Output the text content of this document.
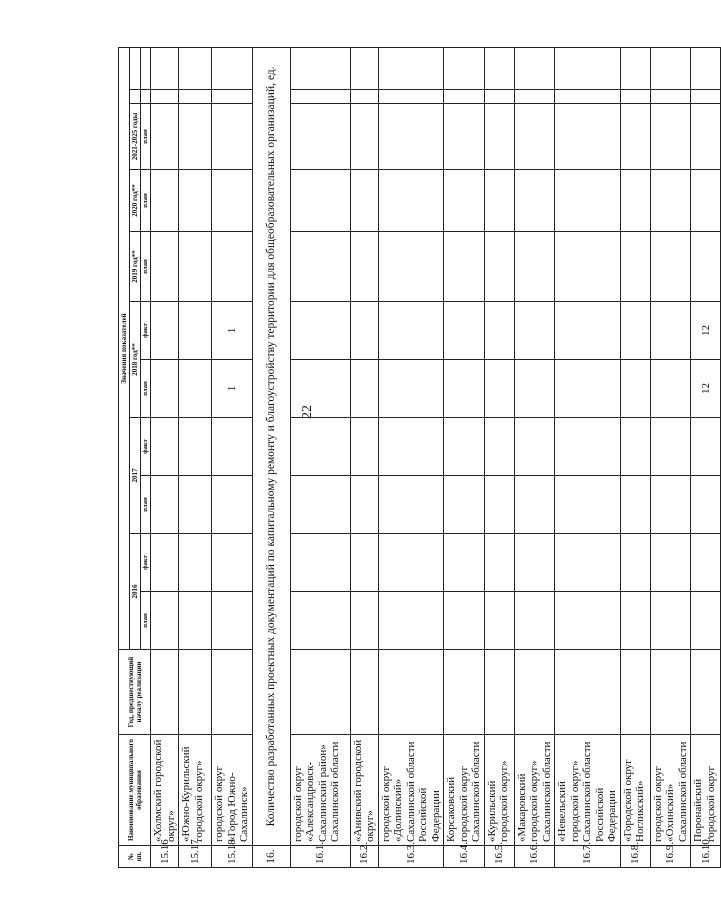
22
№ пп.	Наименование муниципального образования	Год, предшествующий началу реализации	Значения показателей										
			2016		2017		2018 год**		2019 год**	2020 год**	2021-2025 годы		
			план	факт	план	факт	план	факт	план	план	план		
15.16	«Холмский городской округ»												
15.17	«Южно-Курильский городской округ»												
15.18	городской округ «Город Южно-Сахалинск»						1	1					
16.	Количество разработанных проектных документаций по капитальному ремонту и благоустройству территории для общеобразовательных организаций, ед.												
16.1.	городской округ «Александровск-Сахалинский район» Сахалинской области												
16.2.	«Анивский городской округ»												
16.3.	городской округ «Долинский» Сахалинской области Российской Федерации												
16.4.	Корсаковский городской округ Сахалинской области												
16.5.	«Курильский городской округ»												
16.6.	«Макаровский городской округ» Сахалинской области												
16.7.	«Невельский городской округ» Сахалинской области Российской Федерации												
16.8.	«Городской округ Ногликский»												
16.9.	городской округ «Охинский» Сахалинской области												
16.10.	Поронайский городской округ						12	12					
